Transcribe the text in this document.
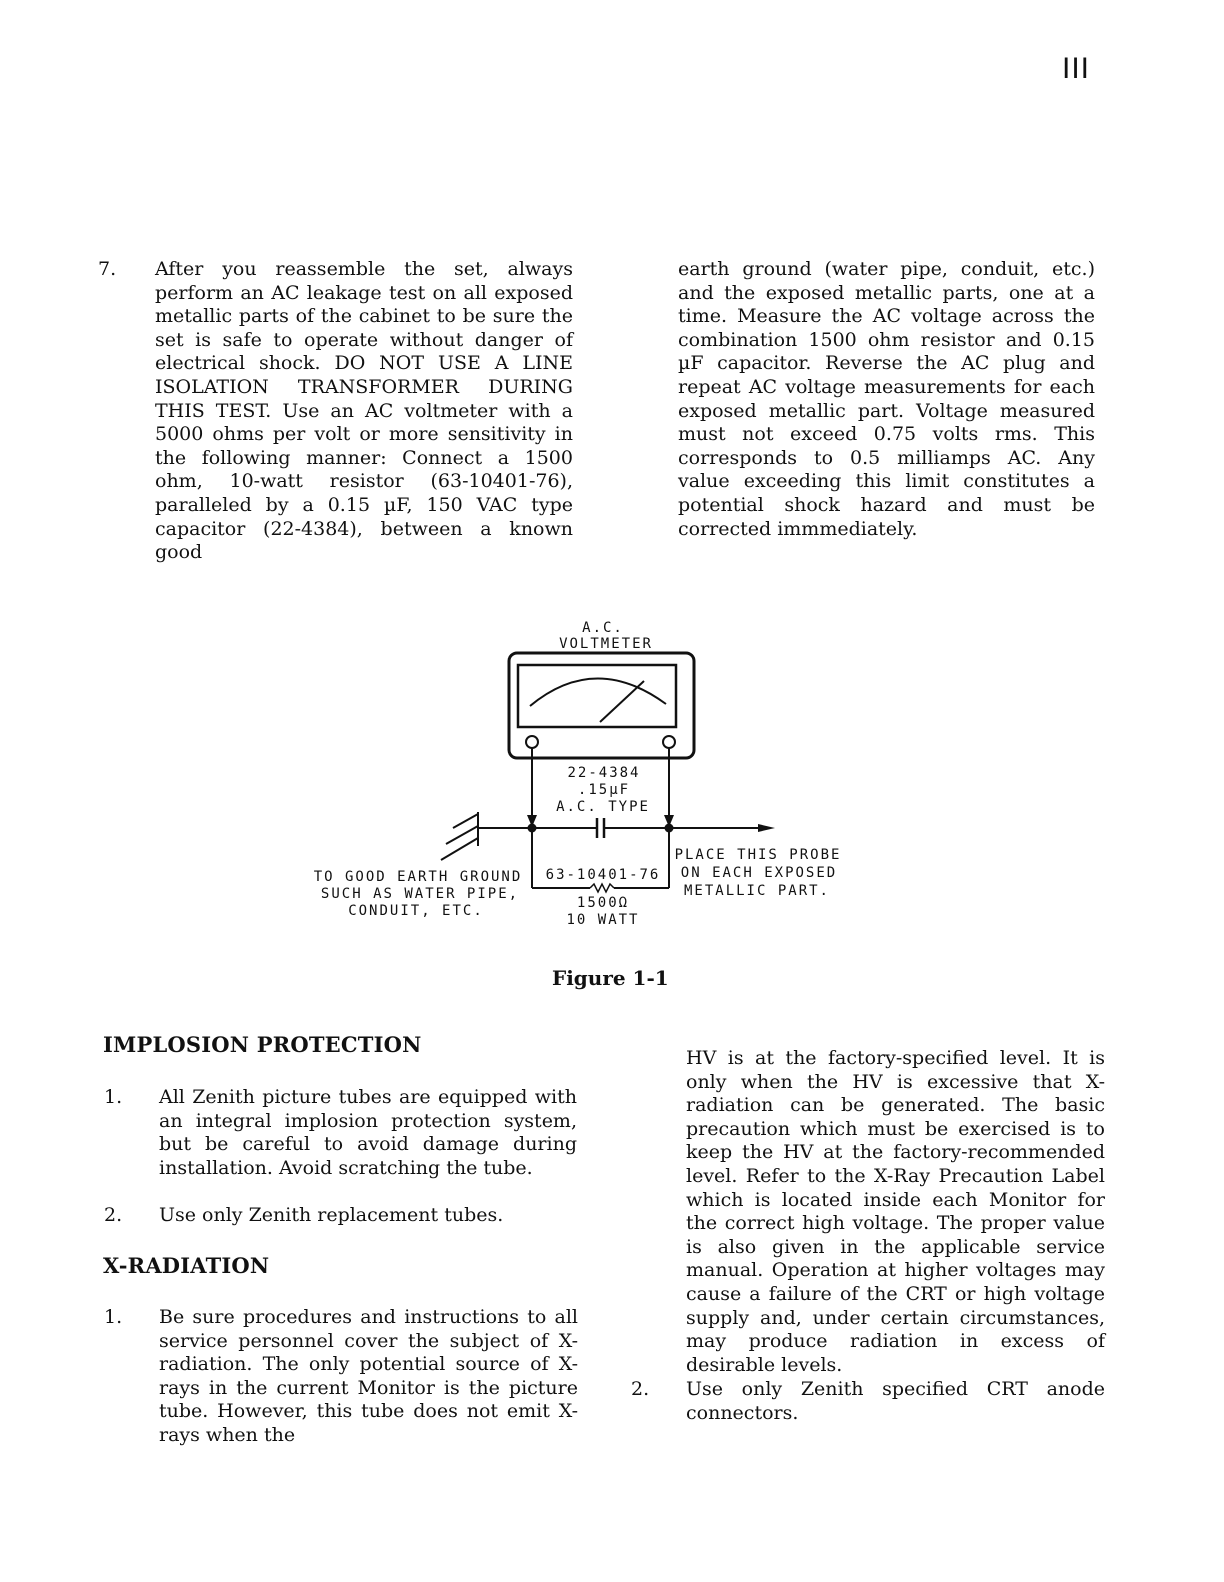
III
7. After you reassemble the set, always perform an AC leakage test on all exposed metallic parts of the cabinet to be sure the set is safe to operate without danger of electrical shock. DO NOT USE A LINE ISOLATION TRANSFORMER DURING THIS TEST. Use an AC voltmeter with a 5000 ohms per volt or more sensitivity in the following manner: Connect a 1500 ohm, 10-watt resistor (63-10401-76), paralleled by a 0.15 µF, 150 VAC type capacitor (22-4384), between a known good
earth ground (water pipe, conduit, etc.) and the exposed metallic parts, one at a time. Measure the AC voltage across the combination 1500 ohm resistor and 0.15 µF capacitor. Reverse the AC plug and repeat AC voltage measurements for each exposed metallic part. Voltage measured must not exceed 0.75 volts rms. This corresponds to 0.5 milliamps AC. Any value exceeding this limit constitutes a potential shock hazard and must be corrected immmediately.
A.C.
VOLTMETER
22-4384
.15µF
A.C. TYPE
63-10401-76
1500Ω
10 WATT
TO GOOD EARTH GROUND
SUCH AS WATER PIPE,
CONDUIT, ETC.
PLACE THIS PROBE
ON EACH EXPOSED
METALLIC PART.
Figure 1-1
IMPLOSION PROTECTION
1. All Zenith picture tubes are equipped with an integral implosion protection system, but be careful to avoid damage during installation. Avoid scratching the tube.
2. Use only Zenith replacement tubes.
X-RADIATION
1. Be sure procedures and instructions to all service personnel cover the subject of X-radiation. The only potential source of X-rays in the current Monitor is the picture tube. However, this tube does not emit X-rays when the
HV is at the factory-specified level. It is only when the HV is excessive that X-radiation can be generated. The basic precaution which must be exercised is to keep the HV at the factory-recommended level. Refer to the X-Ray Precaution Label which is located inside each Monitor for the correct high voltage. The proper value is also given in the applicable service manual. Operation at higher voltages may cause a failure of the CRT or high voltage supply and, under certain circumstances, may produce radiation in excess of desirable levels.
2. Use only Zenith specified CRT anode connectors.
